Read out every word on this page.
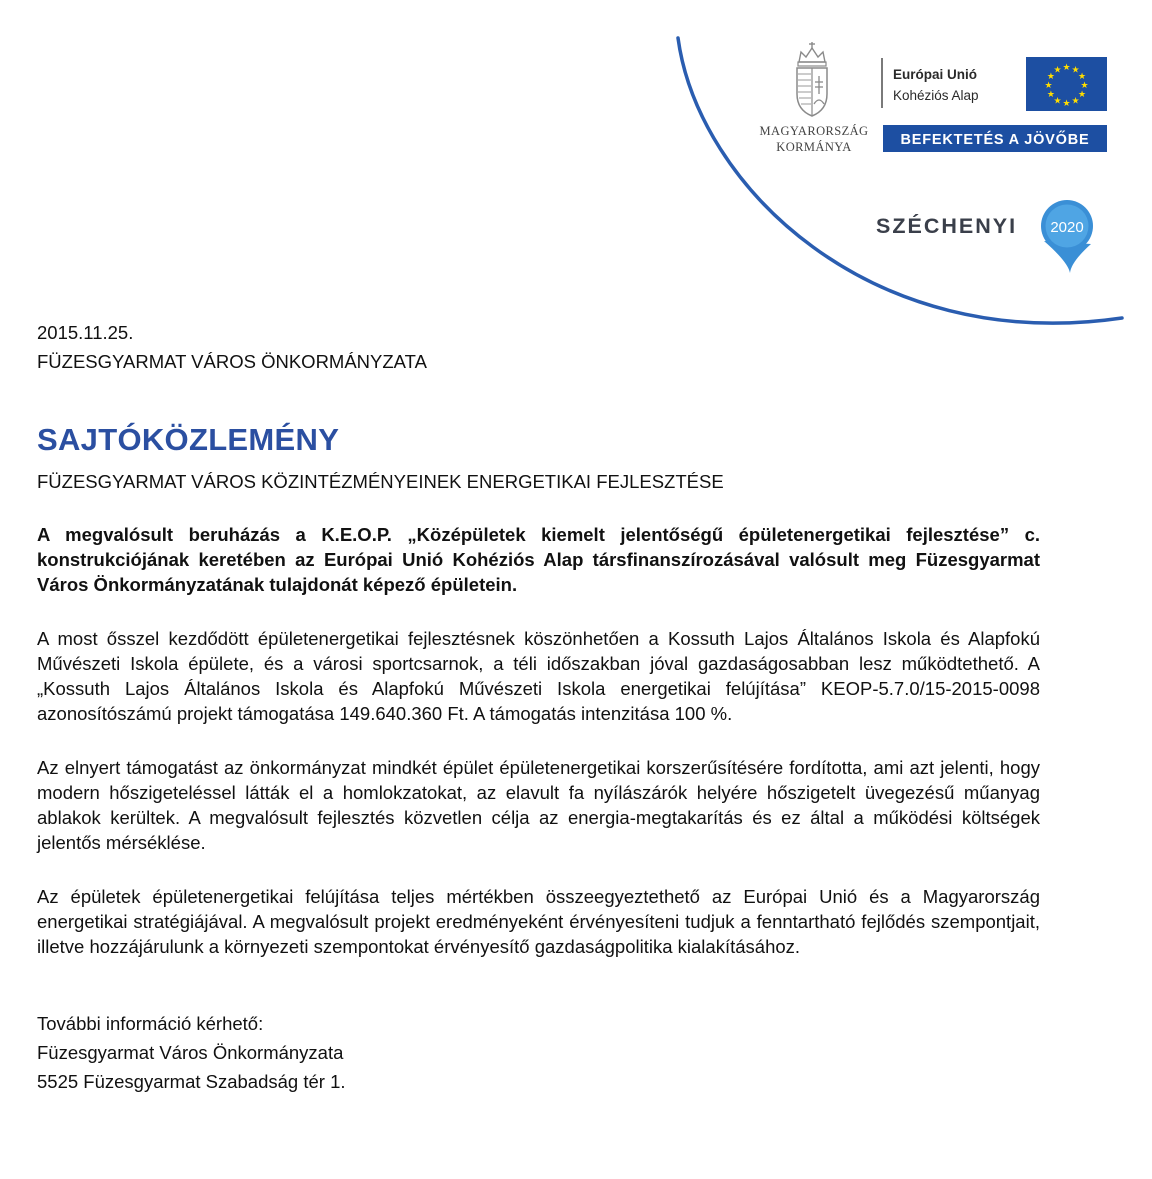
MAGYARORSZÁG
KORMÁNYA
Európai Unió
Kohéziós Alap
★ ★
★
★
★
★
★
★
★
★
★
★
BEFEKTETÉS A JÖVŐBE
SZÉCHENYI 2020

2015.11.25.

FÜZESGYARMAT VÁROS ÖNKORMÁNYZATA

SAJTÓKÖZLEMÉNY

FÜZESGYARMAT VÁROS KÖZINTÉZMÉNYEINEK ENERGETIKAI FEJLESZTÉSE

A megvalósult beruházás a K.E.O.P. „Középületek kiemelt jelentőségű épületenergetikai fejlesztése” c. konstrukciójának keretében az Európai Unió Kohéziós Alap társfinanszírozásával valósult meg Füzesgyarmat Város Önkormányzatának tulajdonát képező épületein.

A most ősszel kezdődött épületenergetikai fejlesztésnek köszönhetően a Kossuth Lajos Általános Iskola és Alapfokú Művészeti Iskola épülete, és a városi sportcsarnok, a téli időszakban jóval gazdaságosabban lesz működtethető. A „Kossuth Lajos Általános Iskola és Alapfokú Művészeti Iskola energetikai felújítása” KEOP-5.7.0/15-2015-0098 azonosítószámú projekt támogatása 149.640.360 Ft. A támogatás intenzitása 100 %.

Az elnyert támogatást az önkormányzat mindkét épület épületenergetikai korszerűsítésére fordította, ami azt jelenti, hogy modern hőszigeteléssel látták el a homlokzatokat, az elavult fa nyílászárók helyére hőszigetelt üvegezésű műanyag ablakok kerültek. A megvalósult fejlesztés közvetlen célja az energia-megtakarítás és ez által a működési költségek jelentős mérséklése.

Az épületek épületenergetikai felújítása teljes mértékben összeegyeztethető az Európai Unió és a Magyarország energetikai stratégiájával. A megvalósult projekt eredményeként érvényesíteni tudjuk a fenntartható fejlődés szempontjait, illetve hozzájárulunk a környezeti szempontokat érvényesítő gazdaságpolitika kialakításához.

További információ kérhető:

Füzesgyarmat Város Önkormányzata

5525 Füzesgyarmat Szabadság tér 1.
